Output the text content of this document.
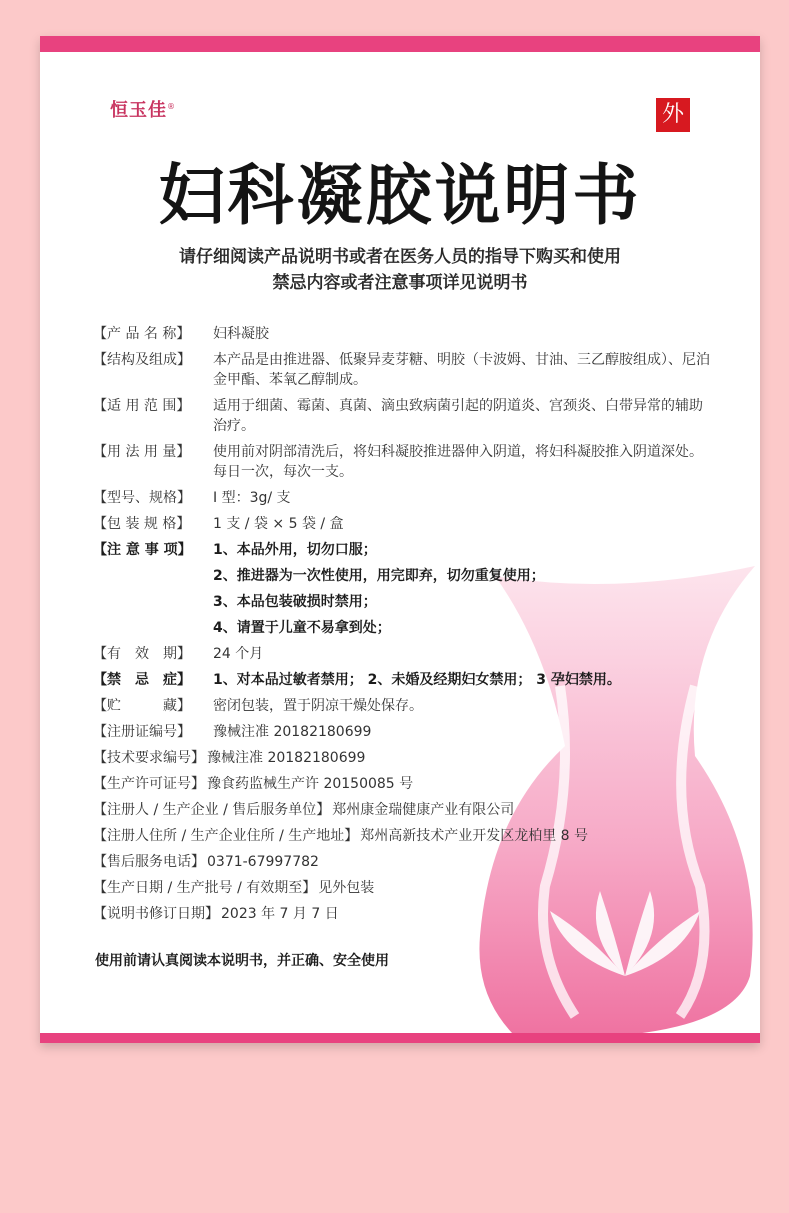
恒玉佳®	外
妇科凝胶说明书
请仔细阅读产品说明书或者在医务人员的指导下购买和使用
禁忌内容或者注意事项详见说明书
【产 品 名 称】	妇科凝胶
【结构及组成】	本产品是由推进器、低聚异麦芽糖、明胶（卡波姆、甘油、三乙醇胺组成）、尼泊金甲酯、苯氧乙醇制成。
【适 用 范 围】	适用于细菌、霉菌、真菌、滴虫致病菌引起的阴道炎、宫颈炎、白带异常的辅助治疗。
【用 法 用 量】	使用前对阴部清洗后，将妇科凝胶推进器伸入阴道，将妇科凝胶推入阴道深处。每日一次，每次一支。
【型号、规格】	I 型：3g/ 支
【包 装 规 格】	1 支 / 袋 × 5 袋 / 盒
【注 意 事 项】	1、本品外用，切勿口服；
2、推进器为一次性使用，用完即弃，切勿重复使用；
3、本品包装破损时禁用；
4、请置于儿童不易拿到处；
【有　效　期】	24 个月
【禁　忌　症】	1、对本品过敏者禁用； 2、未婚及经期妇女禁用； 3 孕妇禁用。
【贮　　　藏】	密闭包装，置于阴凉干燥处保存。
【注册证编号】	豫械注准 20182180699
【技术要求编号】 豫械注准 20182180699
【生产许可证号】 豫食药监械生产许 20150085 号
【注册人 / 生产企业 / 售后服务单位】 郑州康金瑞健康产业有限公司
【注册人住所 / 生产企业住所 / 生产地址】 郑州高新技术产业开发区龙柏里 8 号
【售后服务电话】 0371-67997782
【生产日期 / 生产批号 / 有效期至】 见外包装
【说明书修订日期】 2023 年 7 月 7 日
使用前请认真阅读本说明书，并正确、安全使用
